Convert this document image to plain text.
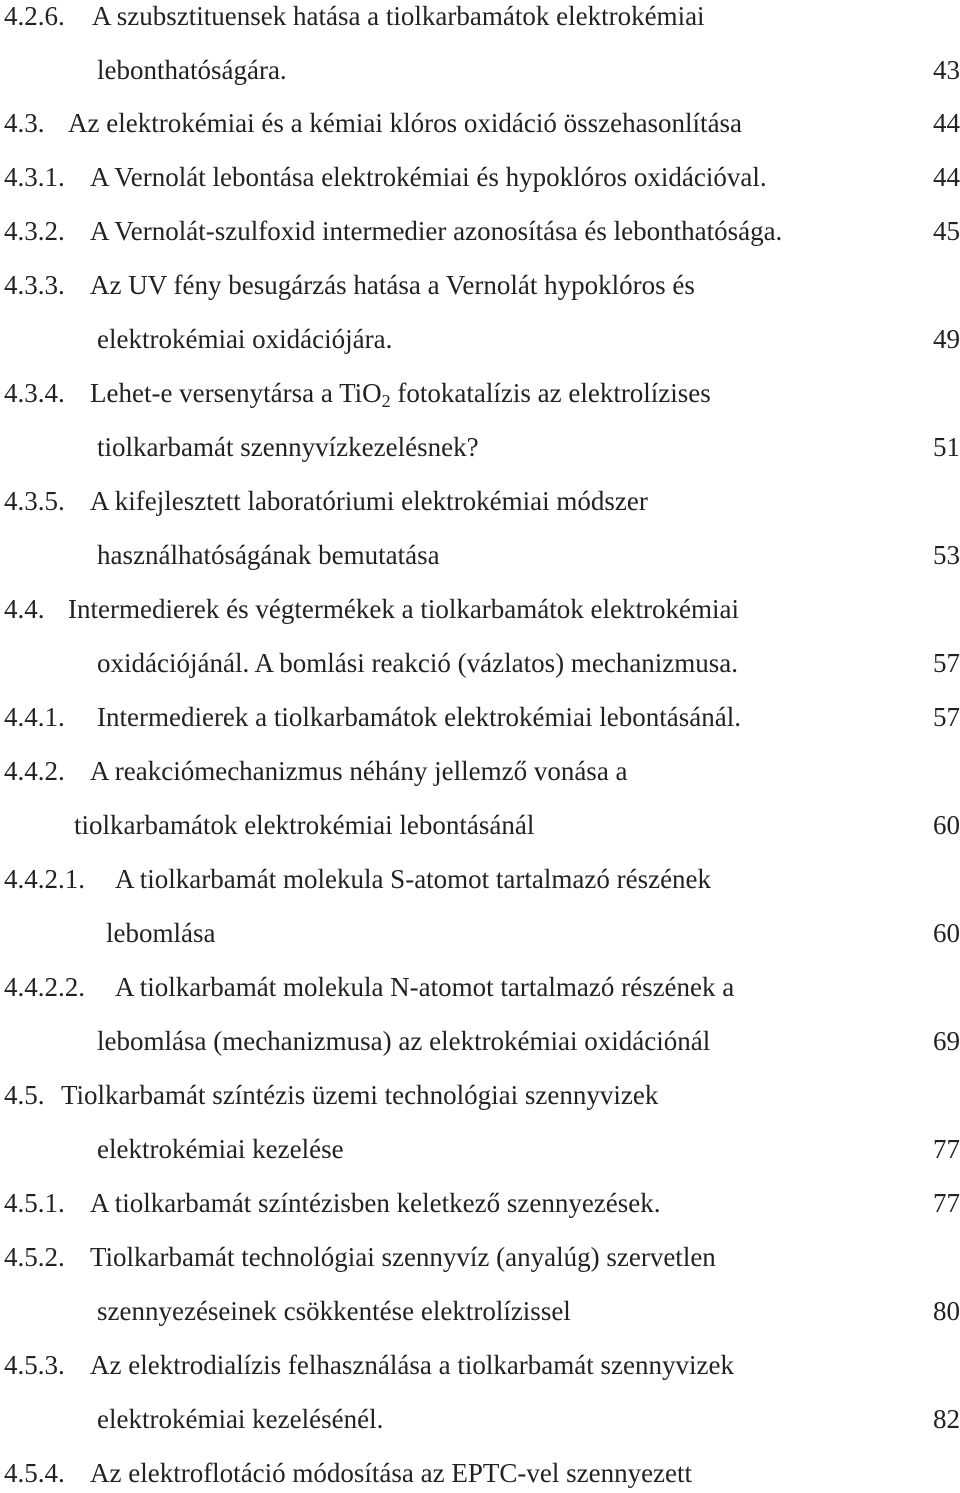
4.2.6. A szubsztituensek hatása a tiolkarbamátok elektrokémiai
lebonthatóságára.	43
4.3. Az elektrokémiai és a kémiai klóros oxidáció összehasonlítása	44
4.3.1. A Vernolát lebontása elektrokémiai és hypoklóros oxidációval.	44
4.3.2. A Vernolát-szulfoxid intermedier azonosítása és lebonthatósága.	45
4.3.3. Az UV fény besugárzás hatása a Vernolát hypoklóros és
elektrokémiai oxidációjára.	49
4.3.4. Lehet-e versenytársa a TiO$_2$ fotokatalízis az elektrolízises
tiolkarbamát szennyvízkezelésnek?	51
4.3.5. A kifejlesztett laboratóriumi elektrokémiai módszer
használhatóságának bemutatása	53
4.4. Intermedierek és végtermékek a tiolkarbamátok elektrokémiai
oxidációjánál. A bomlási reakció (vázlatos) mechanizmusa.	57
4.4.1. Intermedierek a tiolkarbamátok elektrokémiai lebontásánál.	57
4.4.2. A reakciómechanizmus néhány jellemző vonása a
tiolkarbamátok elektrokémiai lebontásánál	60
4.4.2.1. A tiolkarbamát molekula S-atomot tartalmazó részének
lebomlása	60
4.4.2.2. A tiolkarbamát molekula N-atomot tartalmazó részének a
lebomlása (mechanizmusa) az elektrokémiai oxidációnál	69
4.5. Tiolkarbamát színtézis üzemi technológiai szennyvizek
elektrokémiai kezelése	77
4.5.1. A tiolkarbamát színtézisben keletkező szennyezések.	77
4.5.2. Tiolkarbamát technológiai szennyvíz (anyalúg) szervetlen
szennyezéseinek csökkentése elektrolízissel	80
4.5.3. Az elektrodialízis felhasználása a tiolkarbamát szennyvizek
elektrokémiai kezelésénél.	82
4.5.4. Az elektroflotáció módosítása az EPTC-vel szennyezett
